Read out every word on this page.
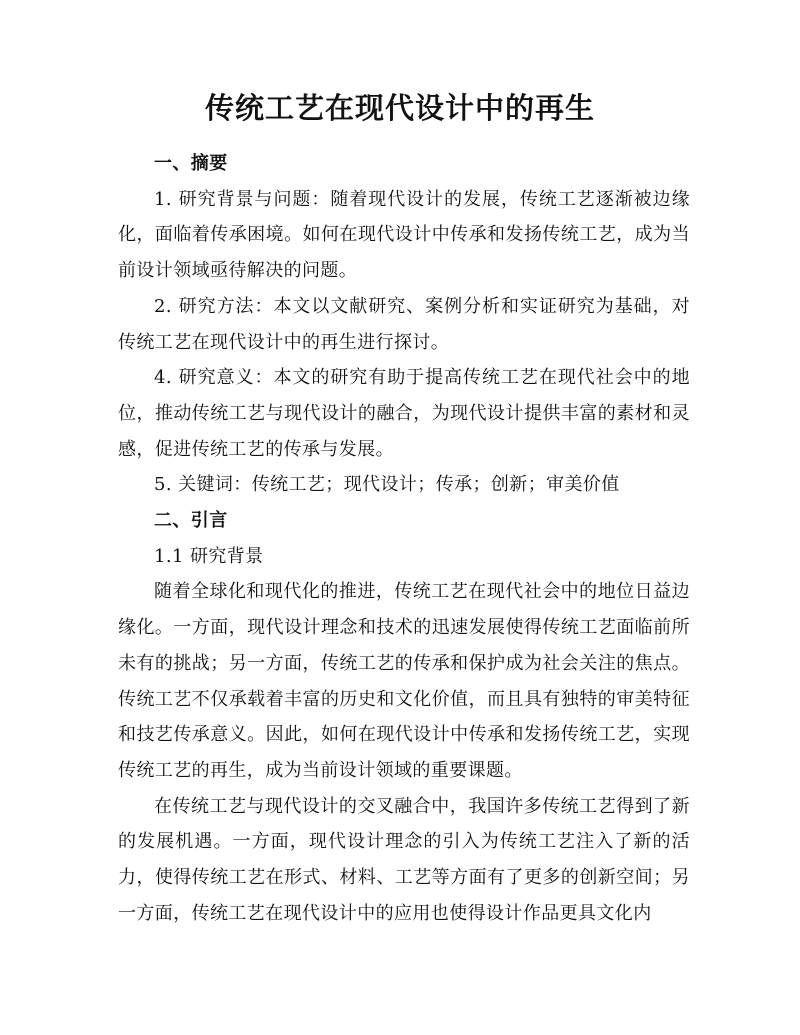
传统工艺在现代设计中的再生

一、摘要

1. 研究背景与问题：随着现代设计的发展，传统工艺逐渐被边缘化，面临着传承困境。如何在现代设计中传承和发扬传统工艺，成为当前设计领域亟待解决的问题。

2. 研究方法：本文以文献研究、案例分析和实证研究为基础，对传统工艺在现代设计中的再生进行探讨。

4. 研究意义：本文的研究有助于提高传统工艺在现代社会中的地位，推动传统工艺与现代设计的融合，为现代设计提供丰富的素材和灵感，促进传统工艺的传承与发展。

5. 关键词：传统工艺；现代设计；传承；创新；审美价值

二、引言

1.1 研究背景

随着全球化和现代化的推进，传统工艺在现代社会中的地位日益边缘化。一方面，现代设计理念和技术的迅速发展使得传统工艺面临前所未有的挑战；另一方面，传统工艺的传承和保护成为社会关注的焦点。传统工艺不仅承载着丰富的历史和文化价值，而且具有独特的审美特征和技艺传承意义。因此，如何在现代设计中传承和发扬传统工艺，实现传统工艺的再生，成为当前设计领域的重要课题。

在传统工艺与现代设计的交叉融合中，我国许多传统工艺得到了新的发展机遇。一方面，现代设计理念的引入为传统工艺注入了新的活力，使得传统工艺在形式、材料、工艺等方面有了更多的创新空间；另一方面，传统工艺在现代设计中的应用也使得设计作品更具文化内
